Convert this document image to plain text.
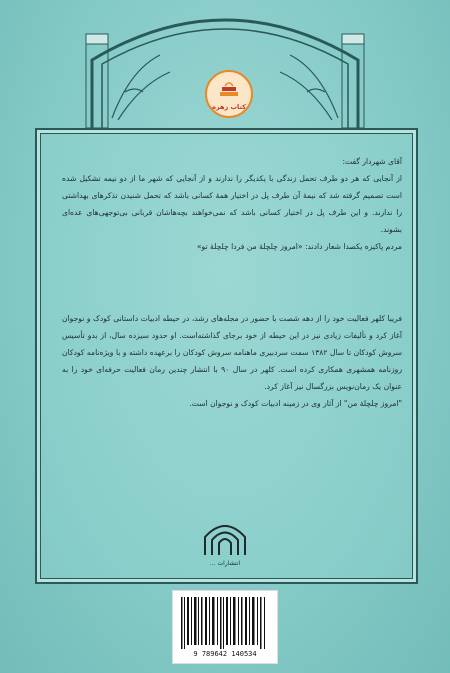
کتاب زهره

آقای شهردار گفت:

از آنجایی که هر دو طرف تحمل زندگی با یکدیگر را ندارند و از آنجایی که شهر ما از دو نیمه تشکیل شده است تصمیم گرفته شد که نیمهٔ آن طرف پل در اختیار همهٔ کسانی باشد که تحمل شنیدن تذکرهای بهداشتی را ندارند. و این طرف پل در اختیار کسانی باشد که نمی‌خواهند بچه‌هاشان قربانی بی‌توجهی‌های عده‌ای بشوند.

مردم پاکیزه یکصدا شعار دادند: «امروز چلچلهٔ من فردا چلچلهٔ تو»

فریبا کلهر فعالیت خود را از دهه شصت با حضور در مجله‌های رشد، در حیطه ادبیات داستانی کودک و نوجوان آغاز کرد و تألیفات زیادی نیز در این حیطه از خود برجای گذاشته‌است. او حدود سیزده سال، از بدو تأسیس سروش کودکان تا سال ۱۳۸۲ سمت سردبیری ماهنامه سروش کودکان را برعهده داشته و با ویژه‌نامه کودکان روزنامه همشهری همکاری کرده است. کلهر در سال ۹۰ با انتشار چندین رمان فعالیت حرفه‌ای خود را به عنوان یک رمان‌نویس بزرگسال نیز آغاز کرد.

"امروز چلچلهٔ من" از آثار وی در زمینه ادبیات کودک و نوجوان است.

انتشارات ...
9 789642 140534
